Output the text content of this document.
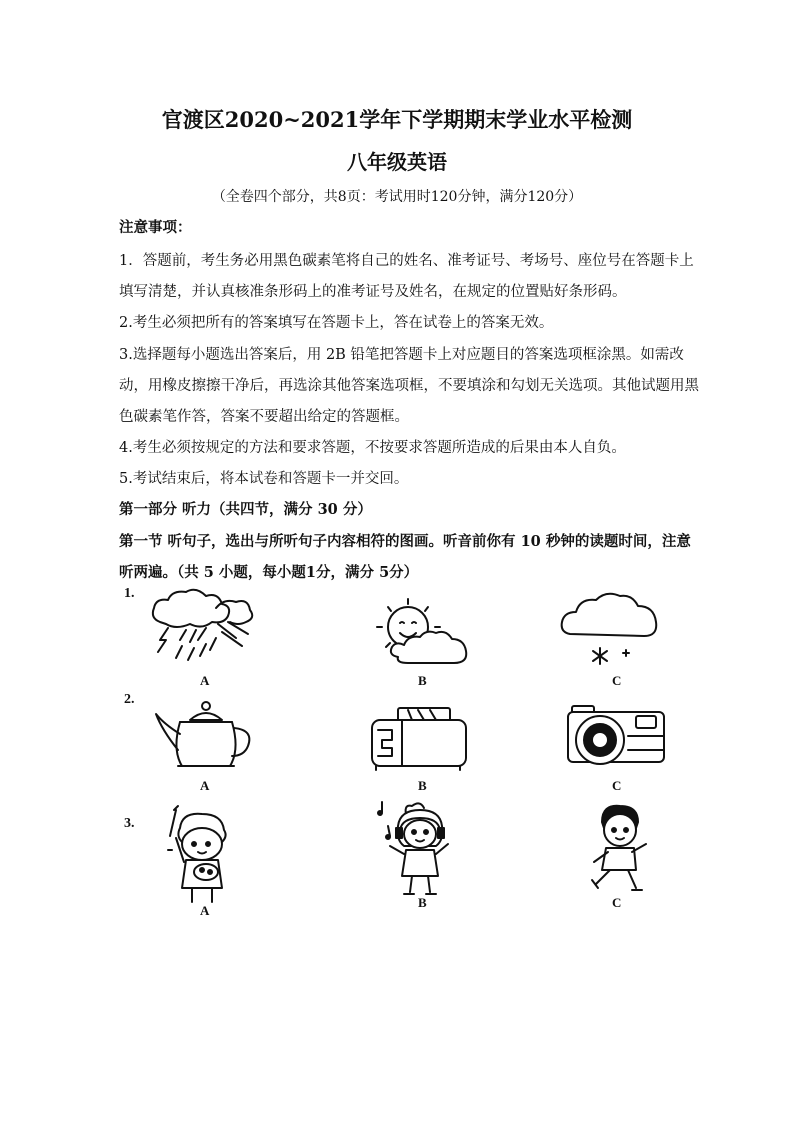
官渡区2020~2021学年下学期期末学业水平检测
八年级英语
（全卷四个部分，共8页：考试用时120分钟，满分120分）
注意事项：
1．答题前，考生务必用黑色碳素笔将自己的姓名、准考证号、考场号、座位号在答题卡上
填写清楚，并认真核准条形码上的准考证号及姓名，在规定的位置贴好条形码。
2.考生必须把所有的答案填写在答题卡上，答在试卷上的答案无效。
3.选择题每小题选出答案后，用 2B 铅笔把答题卡上对应题目的答案选项框涂黑。如需改
动，用橡皮擦擦干净后，再选涂其他答案选项框，不要填涂和勾划无关选项。其他试题用黑
色碳素笔作答，答案不要超出给定的答题框。
4.考生必须按规定的方法和要求答题，不按要求答题所造成的后果由本人自负。
5.考试结束后，将本试卷和答题卡一并交回。
第一部分 听力（共四节，满分 30 分）
第一节 听句子，选出与所听句子内容相符的图画。听音前你有 10 秒钟的读题时间，注意
听两遍。（共 5 小题，每小题1分，满分 5分）
1.
A	B	C
2.
A	B	C
3.
A
B	C
